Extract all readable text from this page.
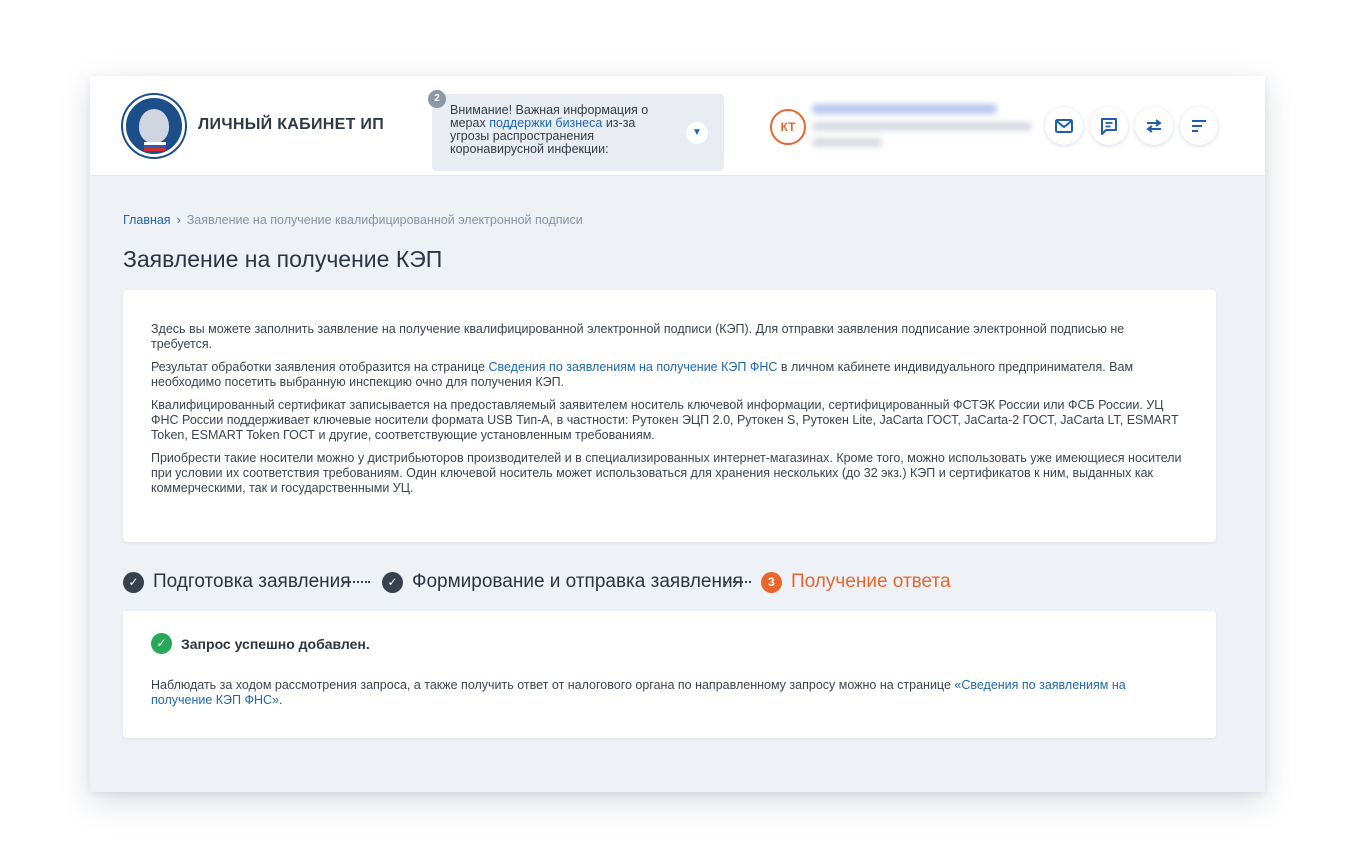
ЛИЧНЫЙ КАБИНЕТ ИП
2
Внимание! Важная информация о мерах поддержки бизнеса из-за угрозы распространения коронавирусной инфекции:
▼	КТ
Главная › Заявление на получение квалифицированной электронной подписи
Заявление на получение КЭП

Здесь вы можете заполнить заявление на получение квалифицированной электронной подписи (КЭП). Для отправки заявления подписание электронной подписью не требуется.

Результат обработки заявления отобразится на странице Сведения по заявлениям на получение КЭП ФНС в личном кабинете индивидуального предпринимателя. Вам необходимо посетить выбранную инспекцию очно для получения КЭП.

Квалифицированный сертификат записывается на предоставляемый заявителем носитель ключевой информации, сертифицированный ФСТЭК России или ФСБ России. УЦ ФНС России поддерживает ключевые носители формата USB Тип-А, в частности: Рутокен ЭЦП 2.0, Рутокен S, Рутокен Lite, JaCarta ГОСТ, JaCarta-2 ГОСТ, JaCarta LT, ESMART Token, ESMART Token ГОСТ и другие, соответствующие установленным требованиям.

Приобрести такие носители можно у дистрибьюторов производителей и в специализированных интернет-магазинах. Кроме того, можно использовать уже имеющиеся носители при условии их соответствия требованиям. Один ключевой носитель может использоваться для хранения нескольких (до 32 экз.) КЭП и сертификатов к ним, выданных как коммерческими, так и государственными УЦ.

✓ Подготовка заявления	✓ Формирование и отправка заявления	3 Получение ответа
✓	Запрос успешно добавлен.
Наблюдать за ходом рассмотрения запроса, а также получить ответ от налогового органа по направленному запросу можно на странице «Сведения по заявлениям на получение КЭП ФНС».
